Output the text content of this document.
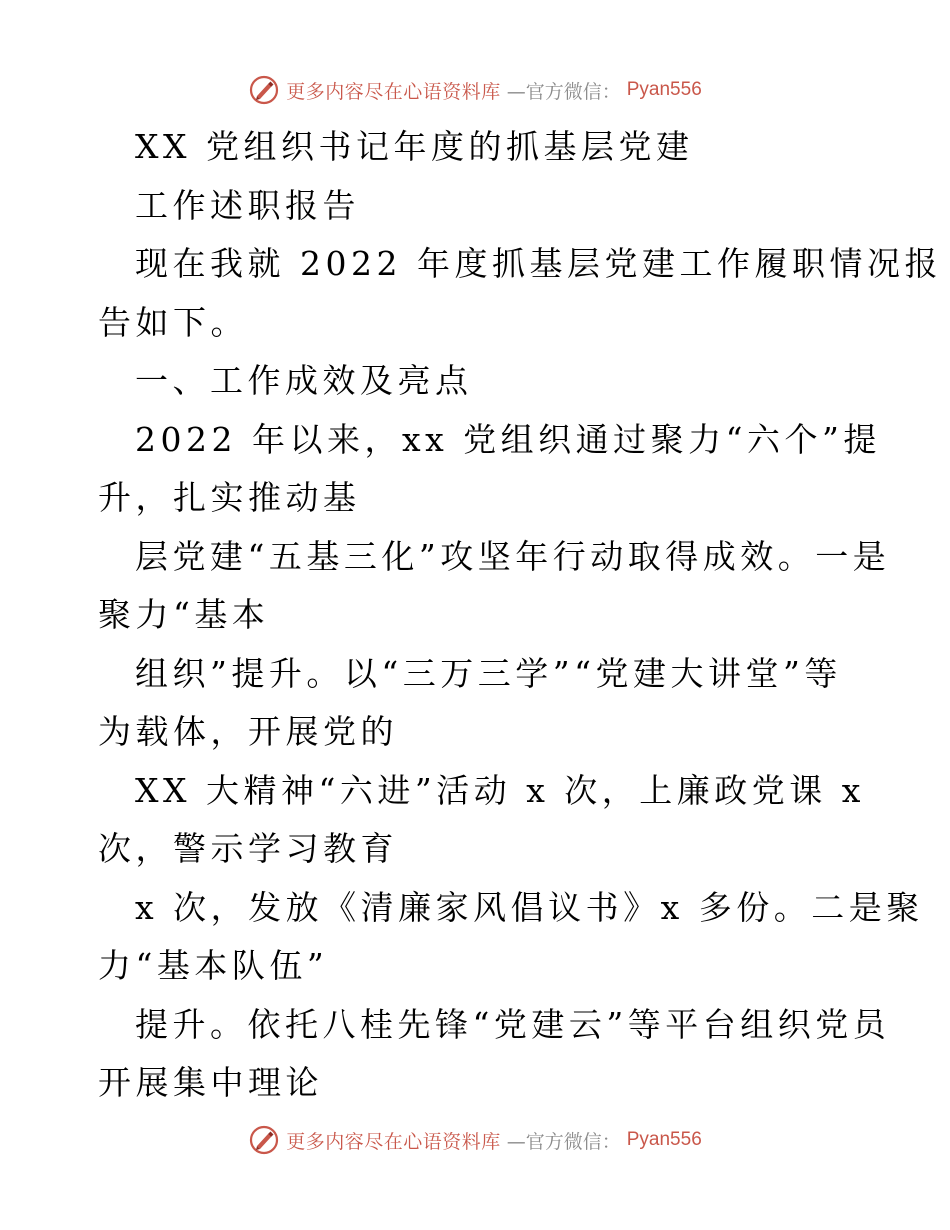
更多内容尽在心语资料库 —官方微信： Pyan556
XX 党组织书记年度的抓基层党建
工作述职报告
现在我就 2022 年度抓基层党建工作履职情况报
告如下。
一、工作成效及亮点
2022 年以来，xx 党组织通过聚力“六个”提
升，扎实推动基
层党建“五基三化”攻坚年行动取得成效。一是
聚力“基本
组织”提升。以“三万三学”“党建大讲堂”等
为载体，开展党的
XX 大精神“六进”活动 x 次，上廉政党课 x
次，警示学习教育
x 次，发放《清廉家风倡议书》x 多份。二是聚
力“基本队伍”
提升。依托八桂先锋“党建云”等平台组织党员
开展集中理论
更多内容尽在心语资料库 —官方微信： Pyan556
